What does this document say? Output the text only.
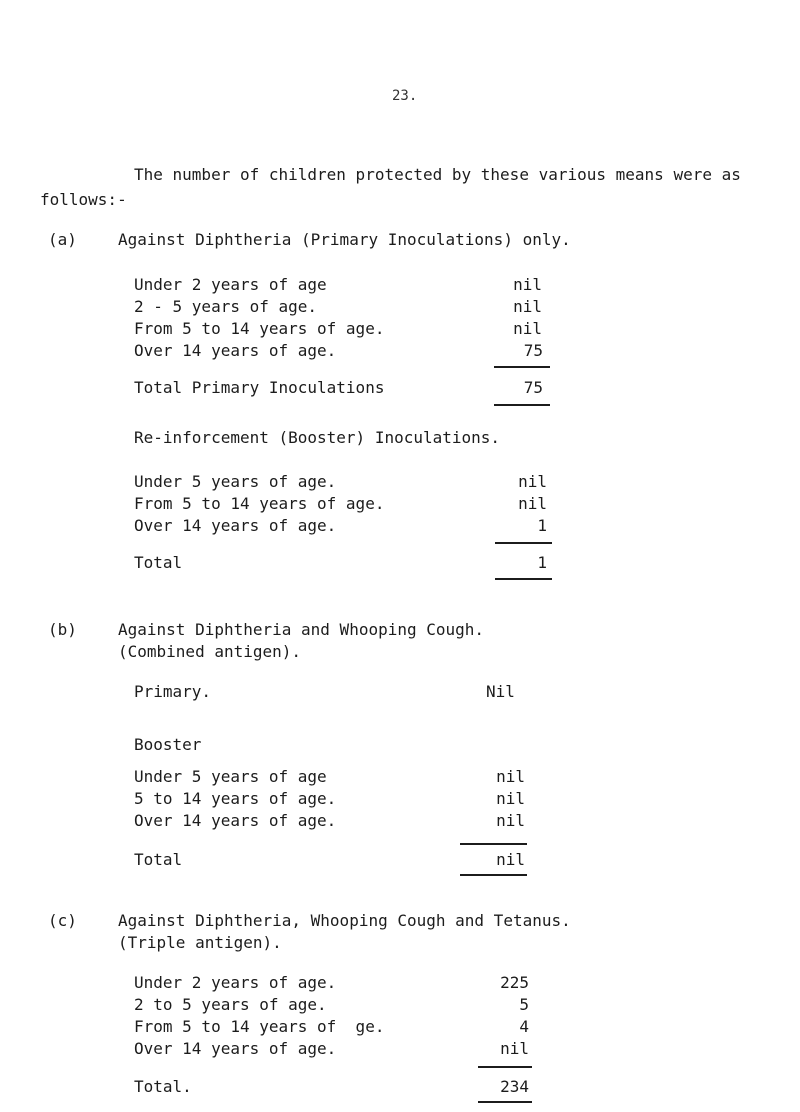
23.
The number of children protected by these various means were as
follows:-
(a)	Against Diphtheria (Primary Inoculations) only.
Under 2 years of age	nil
2 - 5 years of age.	nil
From 5 to 14 years of age.	nil
Over 14 years of age.	75
Total Primary Inoculations	75
Re-inforcement (Booster) Inoculations.
Under 5 years of age.	nil
From 5 to 14 years of age.	nil
Over 14 years of age.	1
Total	1
(b)	Against Diphtheria and Whooping Cough.
(Combined antigen).
Primary.	Nil
Booster
Under 5 years of age	nil
5 to 14 years of age.	nil
Over 14 years of age.	nil
Total	nil
(c)	Against Diphtheria, Whooping Cough and Tetanus.
(Triple antigen).
Under 2 years of age.	225
2 to 5 years of age.	5
From 5 to 14 years of  ge.	4
Over 14 years of age.	nil
Total.	234
